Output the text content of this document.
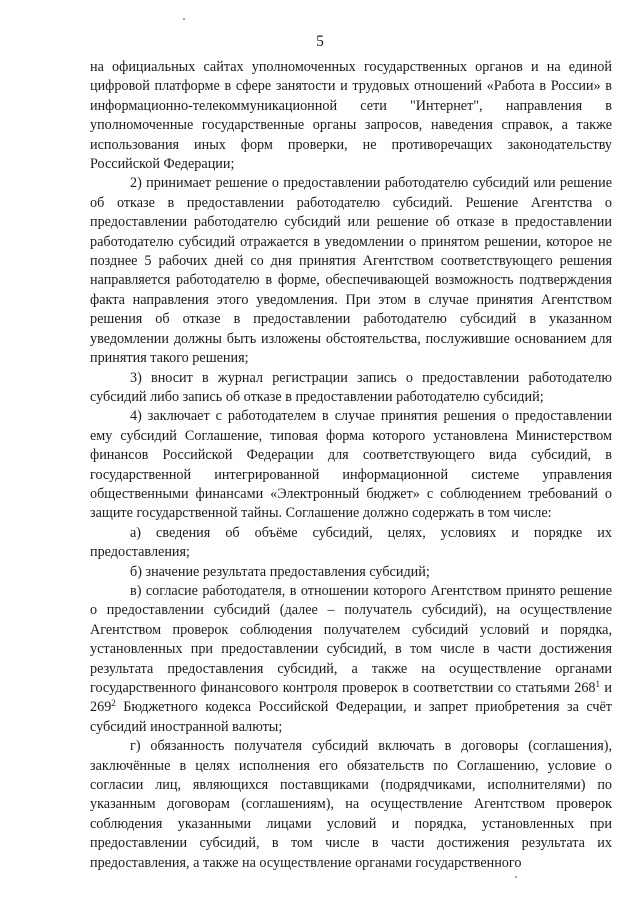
5

на официальных сайтах уполномоченных государственных органов и на единой цифровой платформе в сфере занятости и трудовых отношений «Работа в России» в информационно-телекоммуникационной сети "Интернет", направления в уполномоченные государственные органы запросов, наведения справок, а также использования иных форм проверки, не противоречащих законодательству Российской Федерации;

2) принимает решение о предоставлении работодателю субсидий или решение об отказе в предоставлении работодателю субсидий. Решение Агентства о предоставлении работодателю субсидий или решение об отказе в предоставлении работодателю субсидий отражается в уведомлении о принятом решении, которое не позднее 5 рабочих дней со дня принятия Агентством соответствующего решения направляется работодателю в форме, обеспечивающей возможность подтверждения факта направления этого уведомления. При этом в случае принятия Агентством решения об отказе в предоставлении работодателю субсидий в указанном уведомлении должны быть изложены обстоятельства, послужившие основанием для принятия такого решения;

3) вносит в журнал регистрации запись о предоставлении работодателю субсидий либо запись об отказе в предоставлении работодателю субсидий;

4) заключает с работодателем в случае принятия решения о предоставлении ему субсидий Соглашение, типовая форма которого установлена Министерством финансов Российской Федерации для соответствующего вида субсидий, в государственной интегрированной информационной системе управления общественными финансами «Электронный бюджет» с соблюдением требований о защите государственной тайны. Соглашение должно содержать в том числе:

а) сведения об объёме субсидий, целях, условиях и порядке их предоставления;

б) значение результата предоставления субсидий;

в) согласие работодателя, в отношении которого Агентством принято решение о предоставлении субсидий (далее – получатель субсидий), на осуществление Агентством проверок соблюдения получателем субсидий условий и порядка, установленных при предоставлении субсидий, в том числе в части достижения результата предоставления субсидий, а также на осуществление органами государственного финансового контроля проверок в соответствии со статьями $268^1$ и $269^2$ Бюджетного кодекса Российской Федерации, и запрет приобретения за счёт субсидий иностранной валюты;

г) обязанность получателя субсидий включать в договоры (соглашения), заключённые в целях исполнения его обязательств по Соглашению, условие о согласии лиц, являющихся поставщиками (подрядчиками, исполнителями) по указанным договорам (соглашениям), на осуществление Агентством проверок соблюдения указанными лицами условий и порядка, установленных при предоставлении субсидий, в том числе в части достижения результата их предоставления, а также на осуществление органами государственного
